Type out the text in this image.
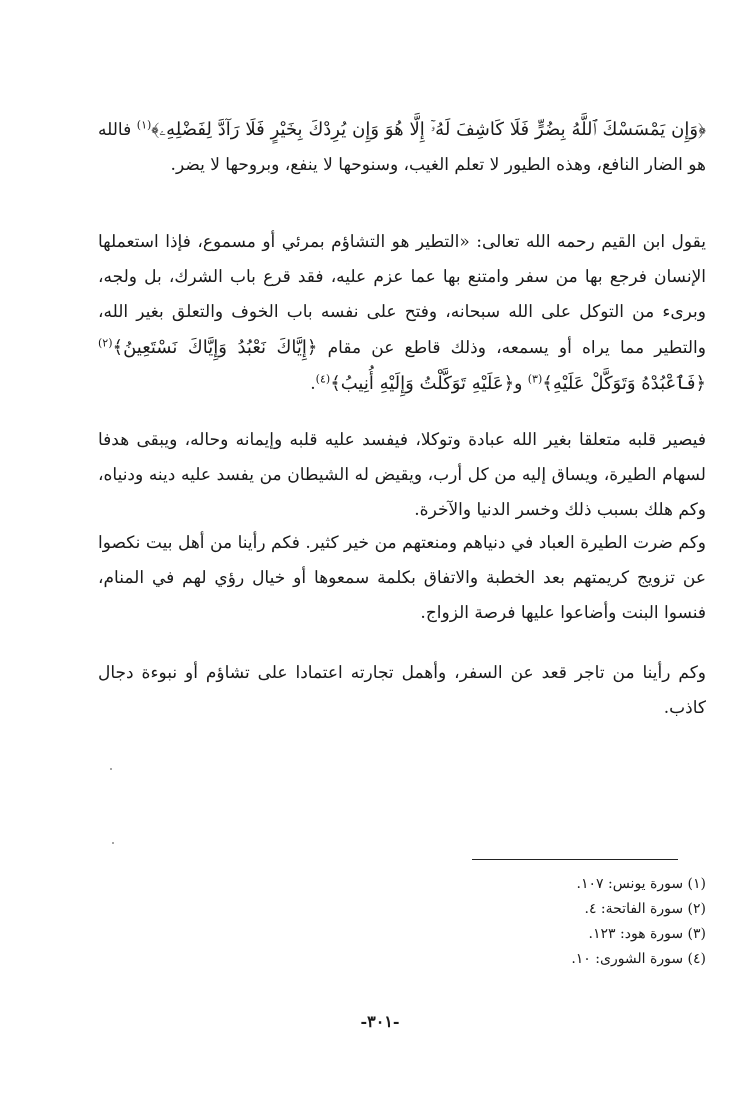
﴿وَإِن يَمْسَسْكَ ٱللَّهُ بِضُرٍّ فَلَا كَاشِفَ لَهُۥٓ إِلَّا هُوَ وَإِن يُرِدْكَ بِخَيْرٍ فَلَا رَآدَّ لِفَضْلِهِۦ﴾$^{(١)}$ فالله هو الضار النافع، وهذه الطيور لا تعلم الغيب، وسنوحها لا ينفع، وبروحها لا يضر.
يقول ابن القيم رحمه الله تعالى: «التطير هو التشاؤم بمرئي أو مسموع، فإذا استعملها الإنسان فرجع بها من سفر وامتنع بها عما عزم عليه، فقد قرع باب الشرك، بل ولجه، وبرىء من التوكل على الله سبحانه، وفتح على نفسه باب الخوف والتعلق بغير الله، والتطير مما يراه أو يسمعه، وذلك قاطع عن مقام ﴿إِيَّاكَ نَعْبُدُ وَإِيَّاكَ نَسْتَعِينُ﴾$^{(٢)}$ ﴿فَٱعْبُدْهُ وَتَوَكَّلْ عَلَيْهِ﴾$^{(٣)}$ و﴿عَلَيْهِ تَوَكَّلْتُ وَإِلَيْهِ أُنِيبُ﴾$^{(٤)}$.
فيصير قلبه متعلقا بغير الله عبادة وتوكلا، فيفسد عليه قلبه وإيمانه وحاله، ويبقى هدفا لسهام الطيرة، ويساق إليه من كل أرب، ويقيض له الشيطان من يفسد عليه دينه ودنياه، وكم هلك بسبب ذلك وخسر الدنيا والآخرة.
وكم ضرت الطيرة العباد في دنياهم ومنعتهم من خير كثير. فكم رأينا من أهل بيت نكصوا عن تزويج كريمتهم بعد الخطبة والاتفاق بكلمة سمعوها أو خيال رؤي لهم في المنام، فنسوا البنت وأضاعوا عليها فرصة الزواج.
وكم رأينا من تاجر قعد عن السفر، وأهمل تجارته اعتمادا على تشاؤم أو نبوءة دجال كاذب.
(١) سورة يونس: ١٠٧.
(٢) سورة الفاتحة: ٤.
(٣) سورة هود: ١٢٣.
(٤) سورة الشورى: ١٠.
-٣٠١-
